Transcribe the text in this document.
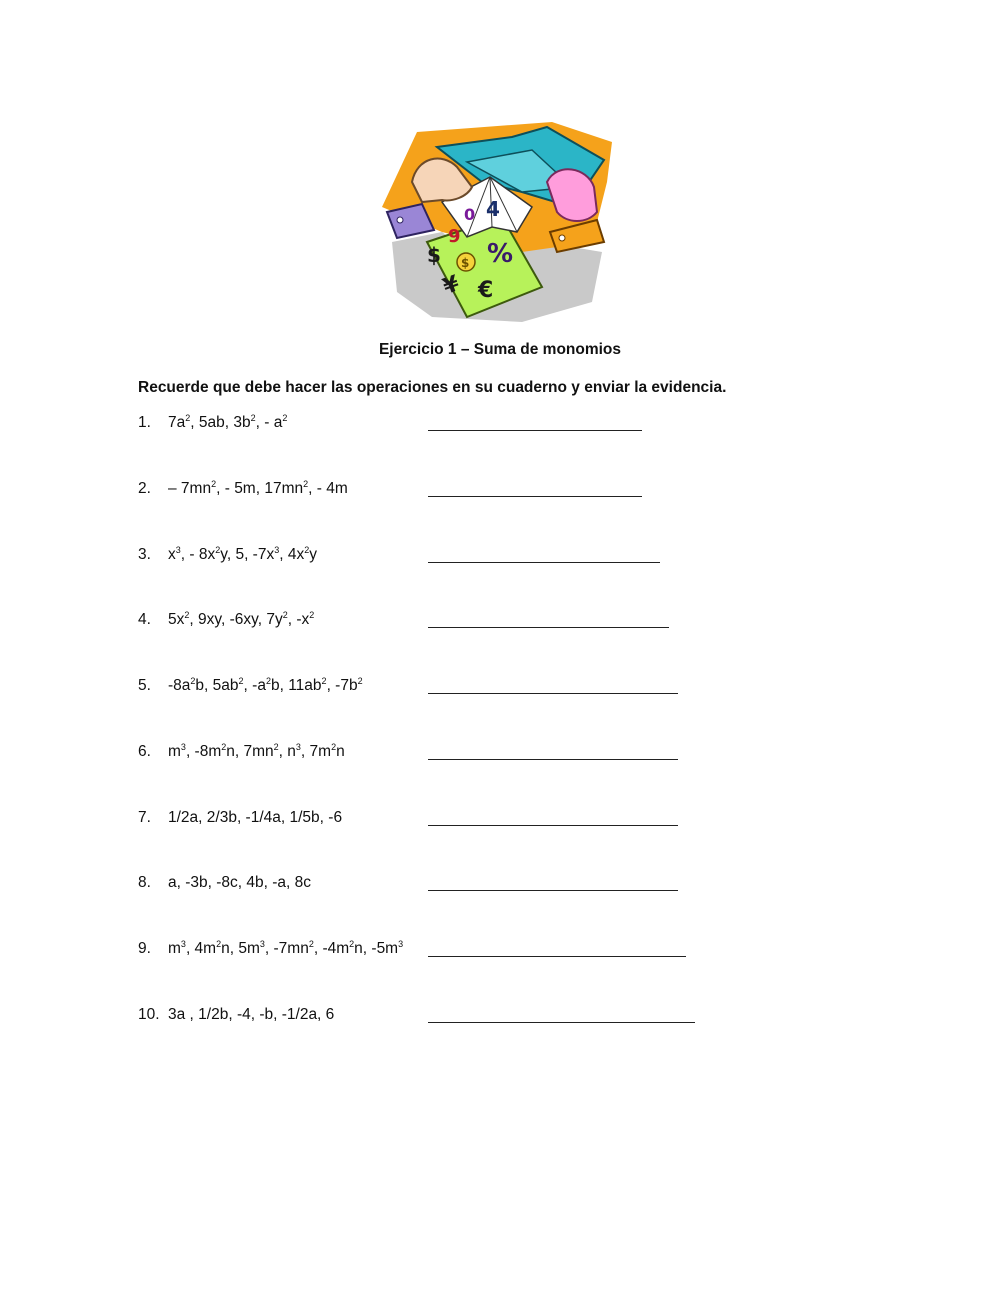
0 4
9
%
$ $
¥ €
Ejercicio 1 – Suma de monomios
Recuerde que debe hacer las operaciones en su cuaderno y enviar la evidencia.
1. $7a^2$, 5ab, $3b^2$, - $a^2$
2. – $7mn^2$, - 5m, $17mn^2$, - 4m
3. $x^3$, - $8x^2y$, 5, $-7x^3$, $4x^2y$
4. $5x^2$, 9xy, -6xy, $7y^2$, $-x^2$
5. $-8a^2b$, $5ab^2$, $-a^2b$, $11ab^2$, $-7b^2$
6. $m^3$, $-8m^2n$, $7mn^2$, $n^3$, $7m^2n$
7. 1/2a, 2/3b, -1/4a, 1/5b, -6
8. a, -3b, -8c, 4b, -a, 8c
9. $m^3$, $4m^2n$, $5m^3$, $-7mn^2$, $-4m^2n$, $-5m^3$
10. 3a , 1/2b, -4, -b, -1/2a, 6
